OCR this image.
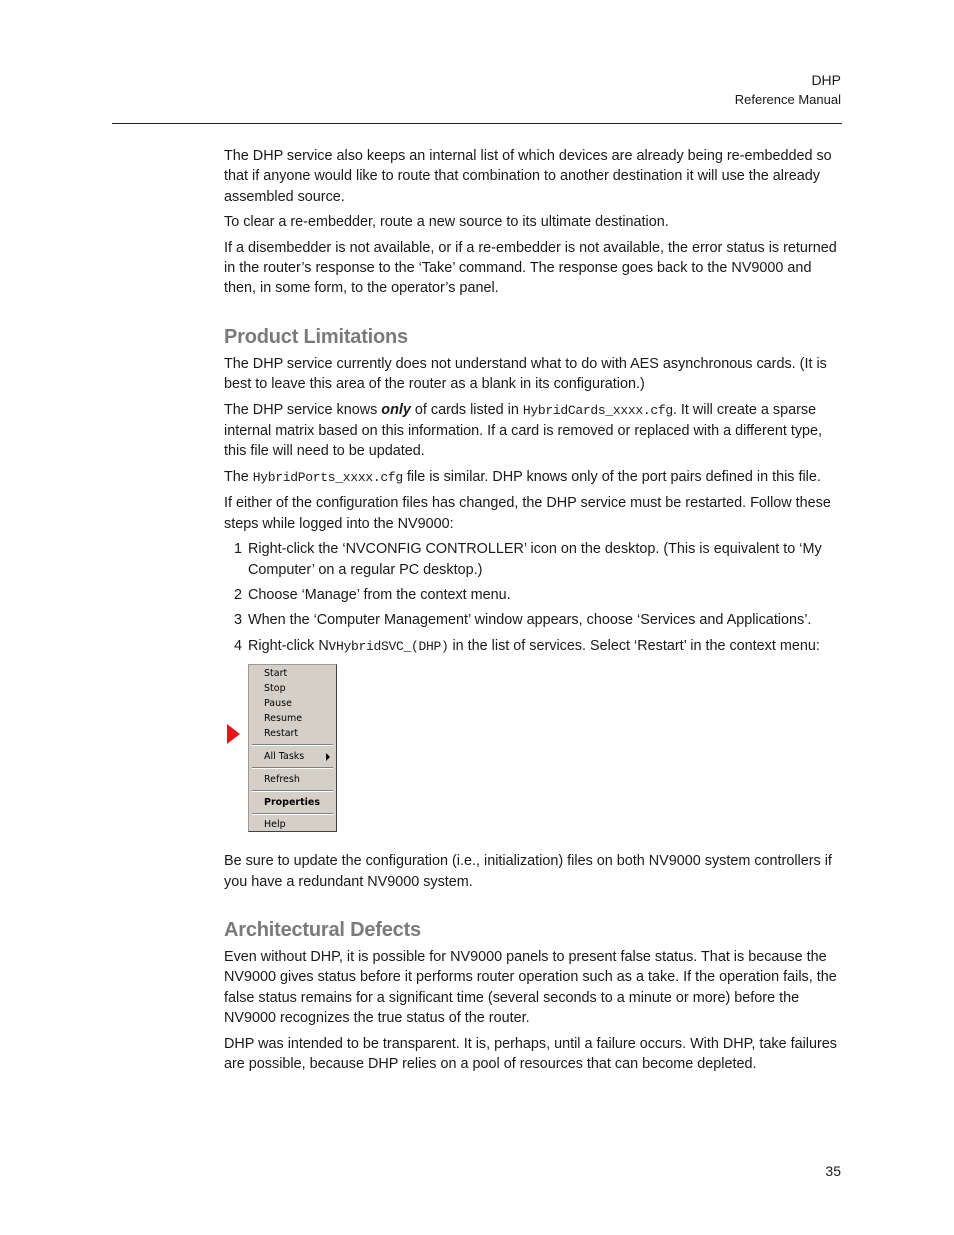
DHP
Reference Manual

The DHP service also keeps an internal list of which devices are already being re-embedded so that if anyone would like to route that combination to another destination it will use the already assembled source.

To clear a re-embedder, route a new source to its ultimate destination.

If a disembedder is not available, or if a re-embedder is not available, the error status is returned in the router’s response to the ‘Take’ command. The response goes back to the NV9000 and then, in some form, to the operator’s panel.

Product Limitations

The DHP service currently does not understand what to do with AES asynchronous cards. (It is best to leave this area of the router as a blank in its configuration.)

The DHP service knows only of cards listed in HybridCards_xxxx.cfg. It will create a sparse internal matrix based on this information. If a card is removed or replaced with a different type, this file will need to be updated.

The HybridPorts_xxxx.cfg file is similar. DHP knows only of the port pairs defined in this file.

If either of the configuration files has changed, the DHP service must be restarted. Follow these steps while logged into the NV9000:

1 Right-click the ‘NVCONFIG CONTROLLER’ icon on the desktop. (This is equivalent to ‘My Computer’ on a regular PC desktop.)
2 Choose ‘Manage’ from the context menu.
3 When the ‘Computer Management’ window appears, choose ‘Services and Applications’.
4 Right-click NvHybridSVC_(DHP) in the list of services. Select ‘Restart’ in the context menu:
Start
Stop
Pause
Resume
Restart
All Tasks
Refresh
Properties
Help

Be sure to update the configuration (i.e., initialization) files on both NV9000 system controllers if you have a redundant NV9000 system.

Architectural Defects

Even without DHP, it is possible for NV9000 panels to present false status. That is because the NV9000 gives status before it performs router operation such as a take. If the operation fails, the false status remains for a significant time (several seconds to a minute or more) before the NV9000 recognizes the true status of the router.

DHP was intended to be transparent. It is, perhaps, until a failure occurs. With DHP, take failures are possible, because DHP relies on a pool of resources that can become depleted.

35
